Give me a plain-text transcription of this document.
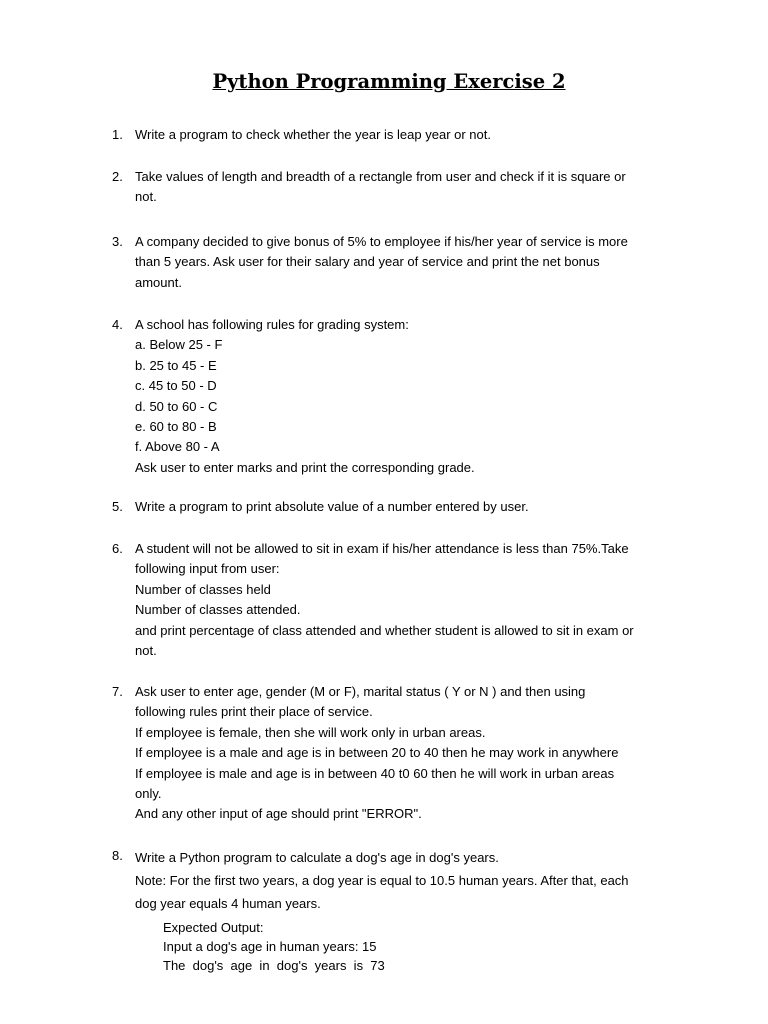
Python Programming Exercise 2
1. Write a program to check whether the year is leap year or not.
2. Take values of length and breadth of a rectangle from user and check if it is square or
not.
3. A company decided to give bonus of 5% to employee if his/her year of service is more
than 5 years. Ask user for their salary and year of service and print the net bonus
amount.
4. A school has following rules for grading system:
a. Below 25 - F
b. 25 to 45 - E
c. 45 to 50 - D
d. 50 to 60 - C
e. 60 to 80 - B
f. Above 80 - A
Ask user to enter marks and print the corresponding grade.
5. Write a program to print absolute value of a number entered by user.
6. A student will not be allowed to sit in exam if his/her attendance is less than 75%.Take
following input from user:
Number of classes held
Number of classes attended.
and print percentage of class attended and whether student is allowed to sit in exam or
not.
7. Ask user to enter age, gender (M or F), marital status ( Y or N ) and then using
following rules print their place of service.
If employee is female, then she will work only in urban areas.
If employee is a male and age is in between 20 to 40 then he may work in anywhere
If employee is male and age is in between 40 t0 60 then he will work in urban areas
only.
And any other input of age should print "ERROR".
8. Write a Python program to calculate a dog's age in dog's years.
Note: For the first two years, a dog year is equal to 10.5 human years. After that, each
dog year equals 4 human years.
Expected Output:
Input a dog's age in human years: 15
The  dog's  age  in  dog's  years  is  73
